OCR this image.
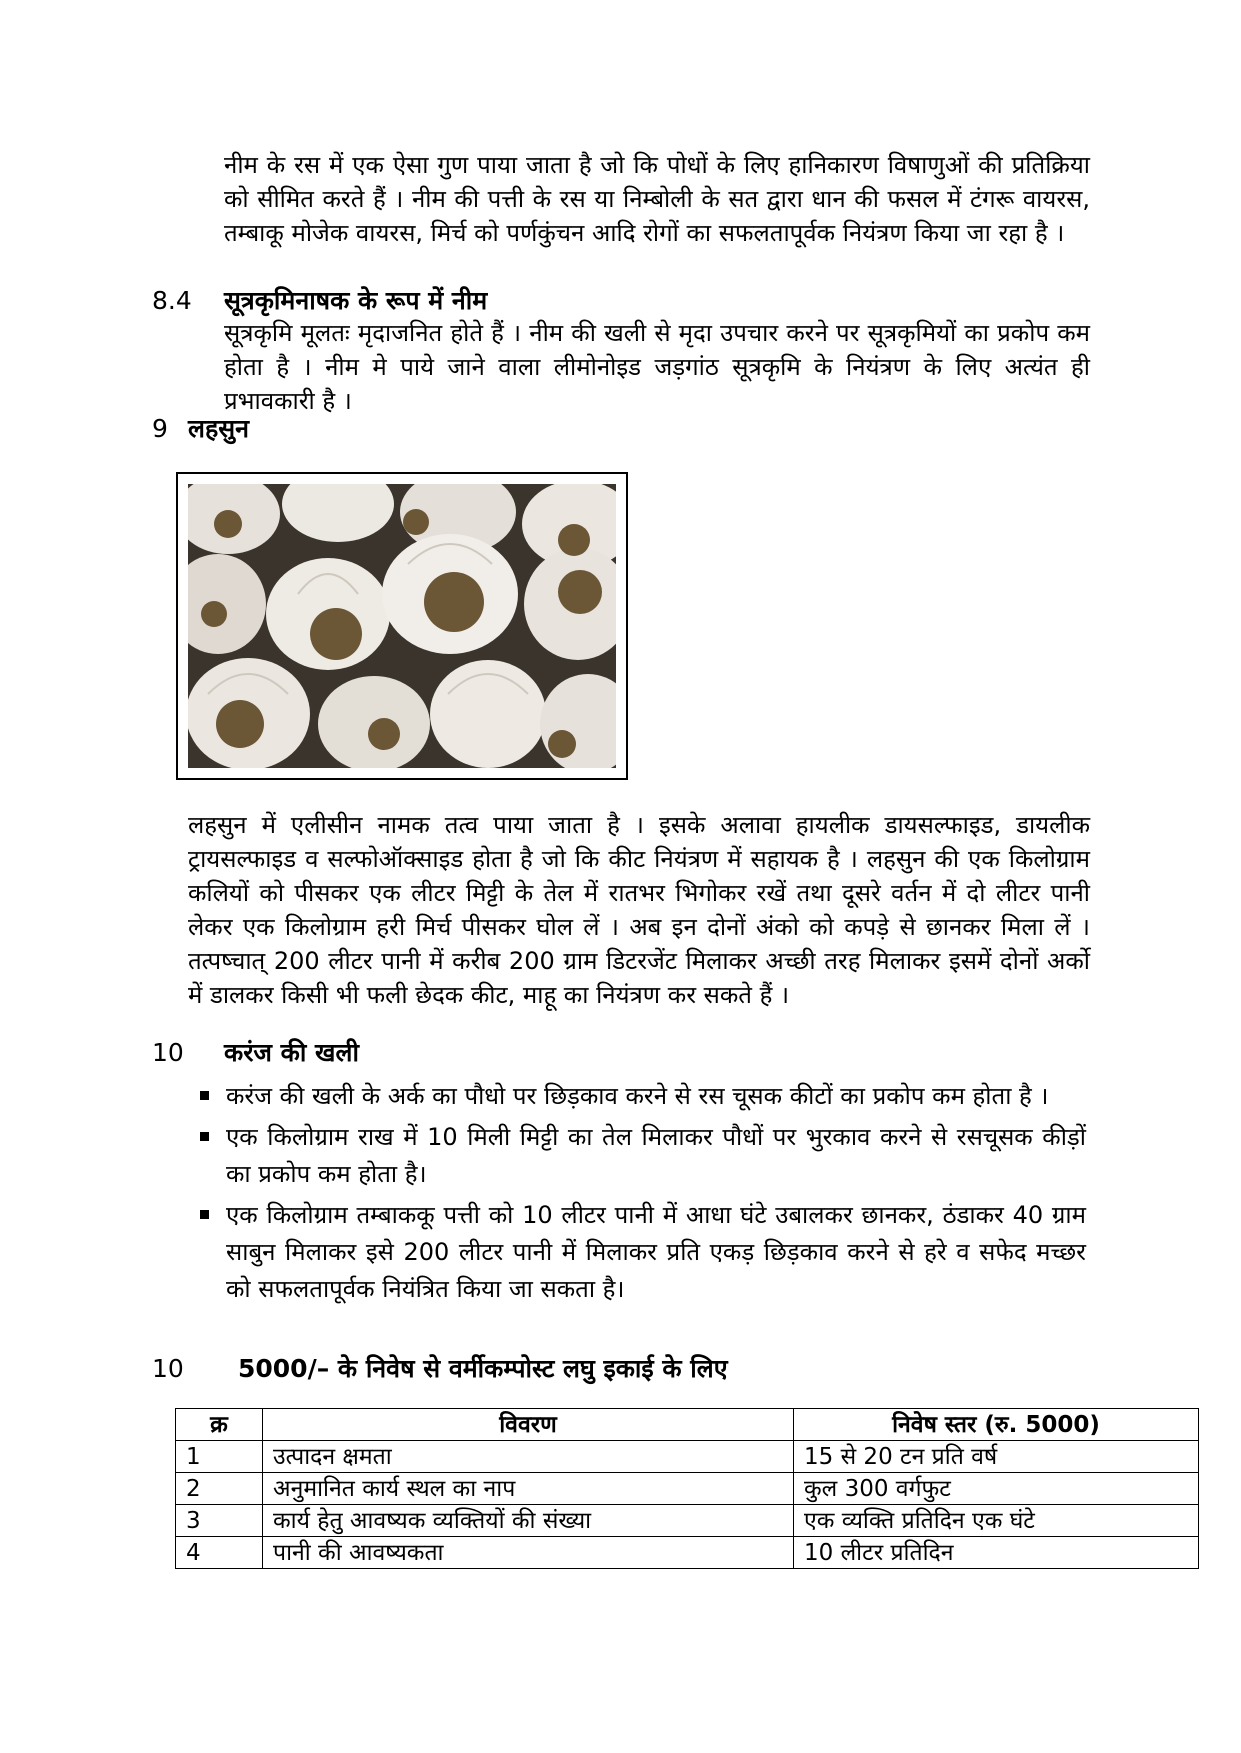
नीम के रस में एक ऐसा गुण पाया जाता है जो कि पोधों के लिए हानिकारण विषाणुओं की प्रतिक्रिया को सीमित करते हैं । नीम की पत्ती के रस या निम्बोली के सत द्वारा धान की फसल में टंगरू वायरस, तम्बाकू मोजेक वायरस, मिर्च को पर्णकुंचन आदि रोगों का सफलतापूर्वक नियंत्रण किया जा रहा है ।

8.4 सूत्रकृमिनाषक के रूप में नीम

सूत्रकृमि मूलतः मृदाजनित होते हैं । नीम की खली से मृदा उपचार करने पर सूत्रकृमियों का प्रकोप कम होता है । नीम मे पाये जाने वाला लीमोनोइड जड़गांठ सूत्रकृमि के नियंत्रण के लिए अत्यंत ही प्रभावकारी है ।

9 लहसुन

लहसुन में एलीसीन नामक तत्व पाया जाता है । इसके अलावा हायलीक डायसल्फाइड, डायलीक ट्रायसल्फाइड व सल्फोऑक्साइड होता है जो कि कीट नियंत्रण में सहायक है । लहसुन की एक किलोग्राम कलियों को पीसकर एक लीटर मिट्टी के तेल में रातभर भिगोकर रखें तथा दूसरे वर्तन में दो लीटर पानी लेकर एक किलोग्राम हरी मिर्च पीसकर घोल लें । अब इन दोनों अंको को कपड़े से छानकर मिला लें । तत्पष्चात् 200 लीटर पानी में करीब 200 ग्राम डिटरजेंट मिलाकर अच्छी तरह मिलाकर इसमें दोनों अर्को में डालकर किसी भी फली छेदक कीट, माहू का नियंत्रण कर सकते हैं ।

10 करंज की खली
करंज की खली के अर्क का पौधो पर छिड़काव करने से रस चूसक कीटों का प्रकोप कम होता है ।
एक किलोग्राम राख में 10 मिली मिट्टी का तेल मिलाकर पौधों पर भुरकाव करने से रसचूसक कीड़ों का प्रकोप कम होता है।
एक किलोग्राम तम्बाककू पत्ती को 10 लीटर पानी में आधा घंटे उबालकर छानकर, ठंडाकर 40 ग्राम साबुन मिलाकर इसे 200 लीटर पानी में मिलाकर प्रति एकड़ छिड़काव करने से हरे व सफेद मच्छर को सफलतापूर्वक नियंत्रित किया जा सकता है।
10 5000/– के निवेष से वर्मीकम्पोस्ट लघु इकाई के लिए
क्र	विवरण	निवेष स्तर (रु. 5000)
1	उत्पादन क्षमता	15 से 20 टन प्रति वर्ष
2	अनुमानित कार्य स्थल का नाप	कुल 300 वर्गफुट
3	कार्य हेतु आवष्यक व्यक्तियों की संख्या	एक व्यक्ति प्रतिदिन एक घंटे
4	पानी की आवष्यकता	10 लीटर प्रतिदिन
